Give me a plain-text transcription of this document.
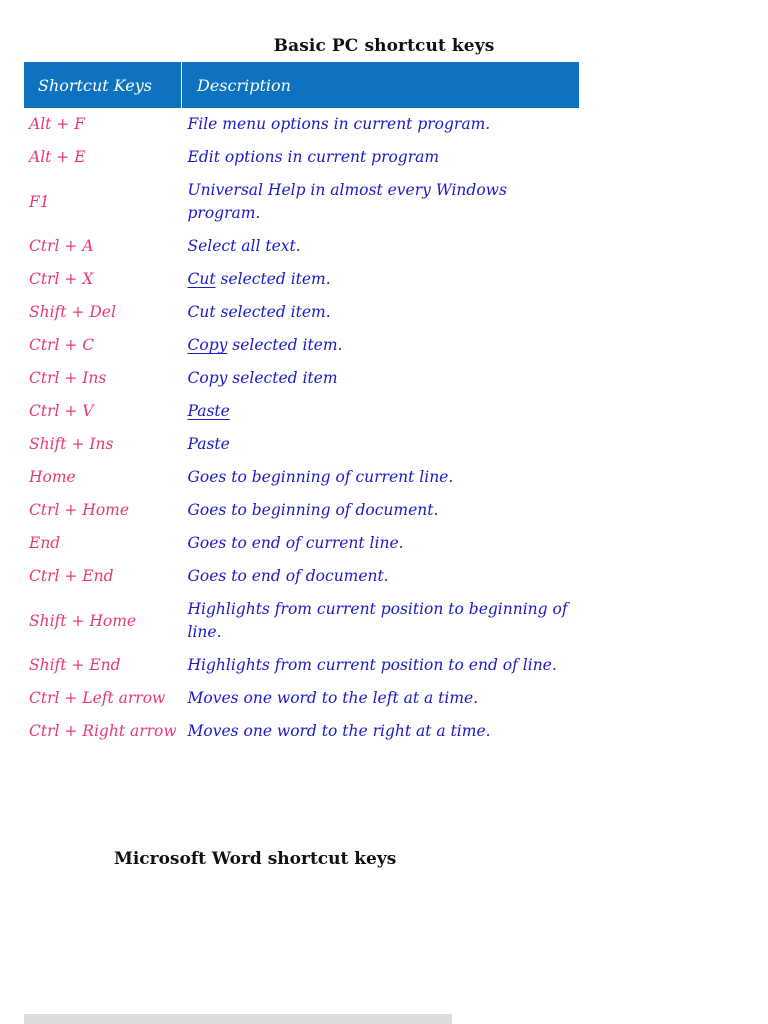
Basic PC shortcut keys
Shortcut Keys	Description
Alt + F	File menu options in current program.
Alt + E	Edit options in current program
F1	Universal Help in almost every Windows program.
Ctrl + A	Select all text.
Ctrl + X	Cut selected item.
Shift + Del	Cut selected item.
Ctrl + C	Copy selected item.
Ctrl + Ins	Copy selected item
Ctrl + V	Paste
Shift + Ins	Paste
Home	Goes to beginning of current line.
Ctrl + Home	Goes to beginning of document.
End	Goes to end of current line.
Ctrl + End	Goes to end of document.
Shift + Home	Highlights from current position to beginning of line.
Shift + End	Highlights from current position to end of line.
Ctrl + Left arrow	Moves one word to the left at a time.
Ctrl + Right arrow	Moves one word to the right at a time.
Microsoft Word shortcut keys
